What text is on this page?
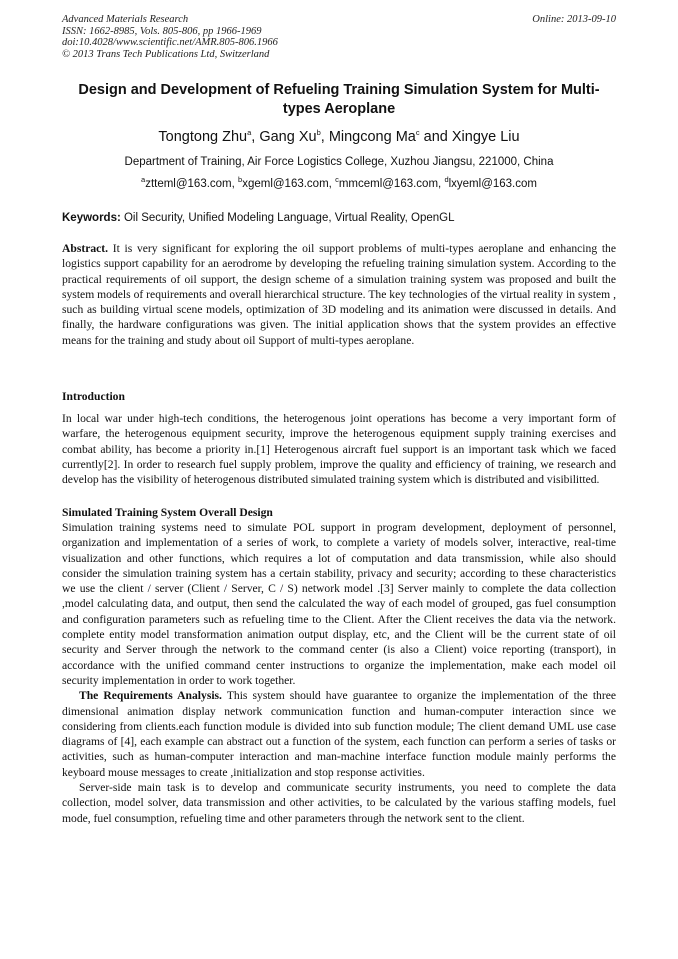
Advanced Materials Research
ISSN: 1662-8985, Vols. 805-806, pp 1966-1969
doi:10.4028/www.scientific.net/AMR.805-806.1966
© 2013 Trans Tech Publications Ltd, Switzerland
Online: 2013-09-10
Design and Development of Refueling Training Simulation System for Multi-types Aeroplane
Tongtong Zhu$^a$, Gang Xu$^b$, Mingcong Ma$^c$ and Xingye Liu
Department of Training, Air Force Logistics College, Xuzhou Jiangsu, 221000, China
$^a$ztteml@163.com, $^b$xgeml@163.com, $^c$mmceml@163.com, $^d$lxyeml@163.com
Keywords: Oil Security, Unified Modeling Language, Virtual Reality, OpenGL
Abstract. It is very significant for exploring the oil support problems of multi-types aeroplane and enhancing the logistics support capability for an aerodrome by developing the refueling training simulation system. According to the practical requirements of oil support, the design scheme of a simulation training system was proposed and built the system models of requirements and overall hierarchical structure. The key technologies of the virtual reality in system , such as building virtual scene models, optimization of 3D modeling and its animation were discussed in details. And finally, the hardware configurations was given. The initial application shows that the system provides an effective means for the training and study about oil Support of multi-types aeroplane.
Introduction

In local war under high-tech conditions, the heterogenous joint operations has become a very important form of warfare, the heterogenous equipment security, improve the heterogenous equipment supply training exercises and combat ability, has become a priority in.[1] Heterogenous aircraft fuel support is an important task which we faced currently[2]. In order to research fuel supply problem, improve the quality and efficiency of training, we research and develop has the visibility of heterogenous distributed simulated training system which is distributed and visibilitted.

Simulated Training System Overall Design

Simulation training systems need to simulate POL support in program development, deployment of personnel, organization and implementation of a series of work, to complete a variety of models solver, interactive, real-time visualization and other functions, which requires a lot of computation and data transmission, while also should consider the simulation training system has a certain stability, privacy and security; according to these characteristics we use the client / server (Client / Server, C / S) network model .[3] Server mainly to complete the data collection ,model calculating data, and output, then send the calculated the way of each model of grouped, gas fuel consumption and configuration parameters such as refueling time to the Client. After the Client receives the data via the network. complete entity model transformation animation output display, etc, and the Client will be the current state of oil security and Server through the network to the command center (is also a Client) voice reporting (transport), in accordance with the unified command center instructions to organize the implementation, make each model oil security implementation in order to work together.

The Requirements Analysis. This system should have guarantee to organize the implementation of the three dimensional animation display network communication function and human-computer interaction since we considering from clients.each function module is divided into sub function module; The client demand UML use case diagrams of [4], each example can abstract out a function of the system, each function can perform a series of tasks or activities, such as human-computer interaction and man-machine interface function module mainly performs the keyboard mouse messages to create ,initialization and stop response activities.

Server-side main task is to develop and communicate security instruments, you need to complete the data collection, model solver, data transmission and other activities, to be calculated by the various staffing models, fuel mode, fuel consumption, refueling time and other parameters through the network sent to the client.
